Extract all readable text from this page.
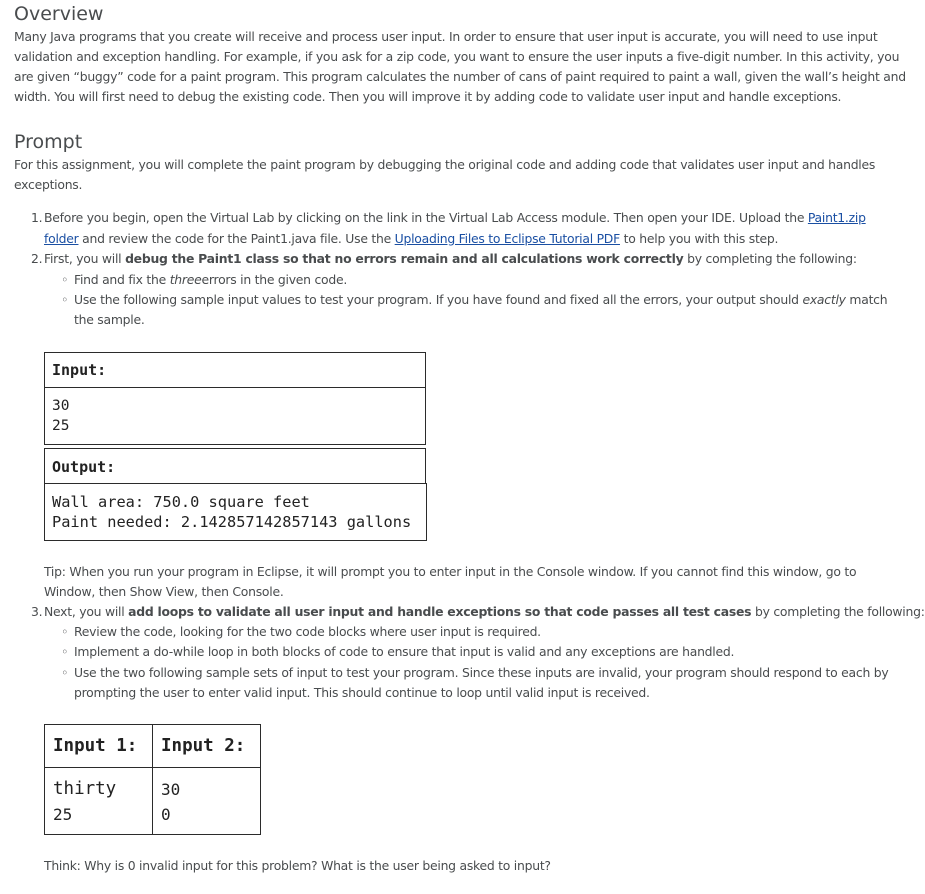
Overview

Many Java programs that you create will receive and process user input. In order to ensure that user input is accurate, you will need to use input

validation and exception handling. For example, if you ask for a zip code, you want to ensure the user inputs a five-digit number. In this activity, you

are given “buggy” code for a paint program. This program calculates the number of cans of paint required to paint a wall, given the wall’s height and

width. You will first need to debug the existing code. Then you will improve it by adding code to validate user input and handle exceptions.

Prompt

For this assignment, you will complete the paint program by debugging the original code and adding code that validates user input and handles

exceptions.

1. Before you begin, open the Virtual Lab by clicking on the link in the Virtual Lab Access module. Then open your IDE. Upload the Paint1.zip

folder and review the code for the Paint1.java file. Use the Uploading Files to Eclipse Tutorial PDF to help you with this step.

2. First, you will debug the Paint1 class so that no errors remain and all calculations work correctly by completing the following:

◦ Find and fix the threeerrors in the given code.

◦ Use the following sample input values to test your program. If you have found and fixed all the errors, your output should exactly match

the sample.

Input:
30
25
Output:
Wall area: 750.0 square feet
Paint needed: 2.142857142857143 gallons

Tip: When you run your program in Eclipse, it will prompt you to enter input in the Console window. If you cannot find this window, go to

Window, then Show View, then Console.

3. Next, you will add loops to validate all user input and handle exceptions so that code passes all test cases by completing the following:

◦ Review the code, looking for the two code blocks where user input is required.

◦ Implement a do-while loop in both blocks of code to ensure that input is valid and any exceptions are handled.

◦ Use the two following sample sets of input to test your program. Since these inputs are invalid, your program should respond to each by

prompting the user to enter valid input. This should continue to loop until valid input is received.

Input 1: Input 2:
thirty
25
30
0

Think: Why is 0 invalid input for this problem? What is the user being asked to input?
